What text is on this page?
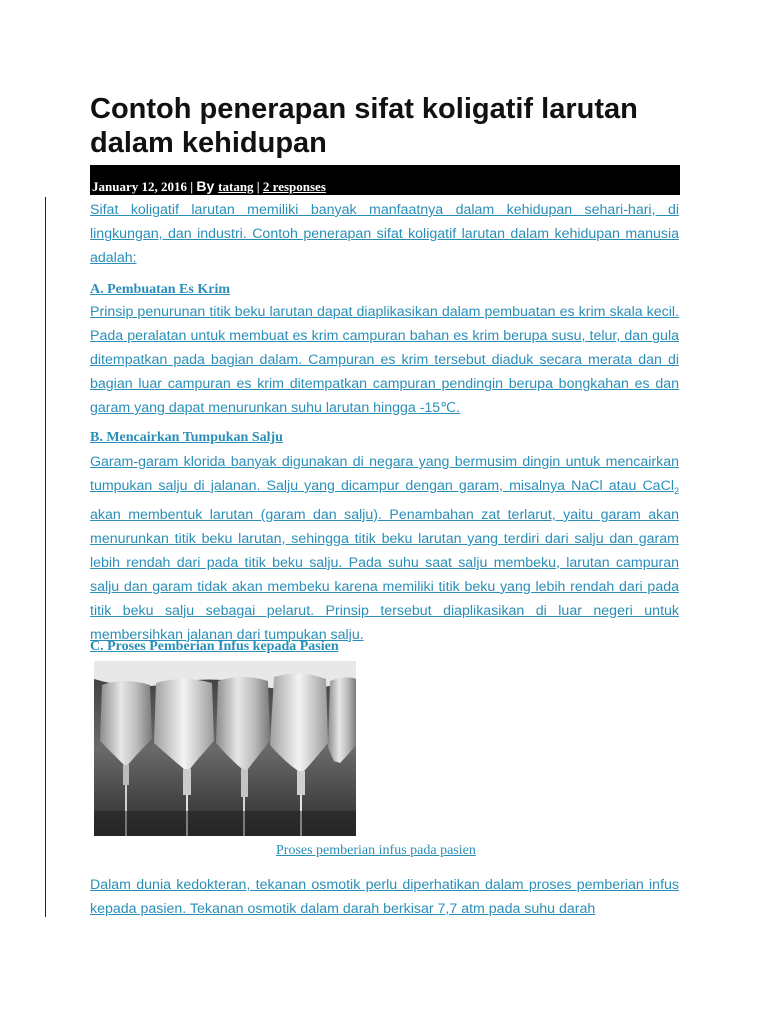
Contoh penerapan sifat koligatif larutan dalam kehidupan
January 12, 2016 | By tatang | 2 responses

Sifat koligatif larutan memiliki banyak manfaatnya dalam kehidupan sehari-hari, di lingkungan, dan industri. Contoh penerapan sifat koligatif larutan dalam kehidupan manusia adalah:

A. Pembuatan Es Krim

Prinsip penurunan titik beku larutan dapat diaplikasikan dalam pembuatan es krim skala kecil. Pada peralatan untuk membuat es krim campuran bahan es krim berupa susu, telur, dan gula ditempatkan pada bagian dalam. Campuran es krim tersebut diaduk secara merata dan di bagian luar campuran es krim ditempatkan campuran pendingin berupa bongkahan es dan garam yang dapat menurunkan suhu larutan hingga -15℃.

B. Mencairkan Tumpukan Salju

Garam-garam klorida banyak digunakan di negara yang bermusim dingin untuk mencairkan tumpukan salju di jalanan. Salju yang dicampur dengan garam, misalnya NaCl atau CaCl$_2$ akan membentuk larutan (garam dan salju). Penambahan zat terlarut, yaitu garam akan menurunkan titik beku larutan, sehingga titik beku larutan yang terdiri dari salju dan garam lebih rendah dari pada titik beku salju. Pada suhu saat salju membeku, larutan campuran salju dan garam tidak akan membeku karena memiliki titik beku yang lebih rendah dari pada titik beku salju sebagai pelarut. Prinsip tersebut diaplikasikan di luar negeri untuk membersihkan jalanan dari tumpukan salju.

C. Proses Pemberian Infus kepada Pasien
Proses pemberian infus pada pasien

Dalam dunia kedokteran, tekanan osmotik perlu diperhatikan dalam proses pemberian infus kepada pasien. Tekanan osmotik dalam darah berkisar 7,7 atm pada suhu darah
